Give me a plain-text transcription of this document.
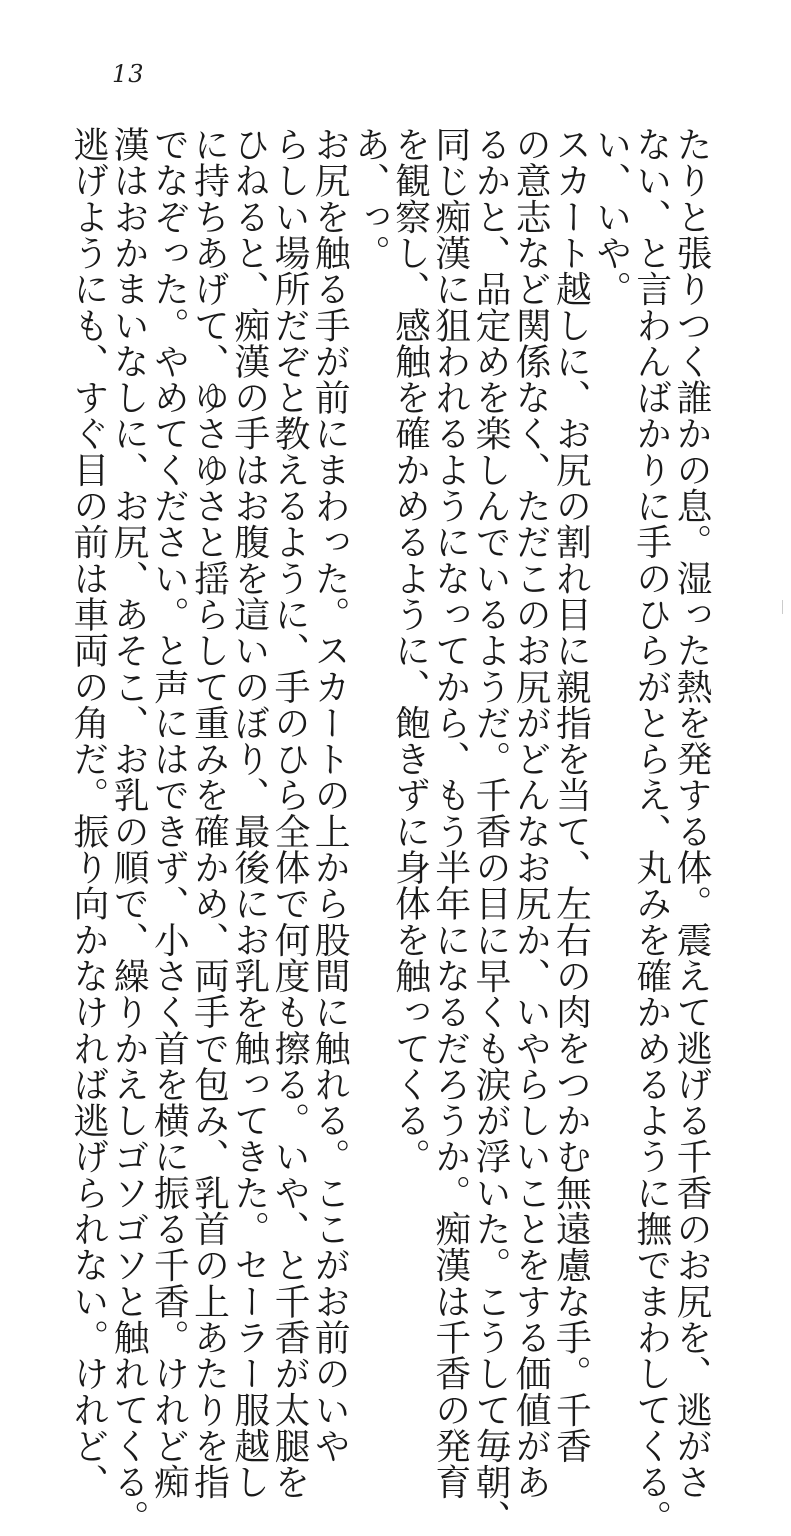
13
たりと張りつく誰かの息。湿った熱を発する体。震えて逃げる千香のお尻を、逃がさ
ない、と言わんばかりに手のひらがとらえ、丸みを確かめるように撫でまわしてくる。
い、いや。
スカート越しに、お尻の割れ目に親指を当て、左右の肉をつかむ無遠慮な手。千香
の意志など関係なく、ただこのお尻がどんなお尻か、いやらしいことをする価値があ
るかと、品定めを楽しんでいるようだ。千香の目に早くも涙が浮いた。こうして毎朝、
同じ痴漢に狙われるようになってから、もう半年になるだろうか。痴漢は千香の発育
を観察し、感触を確かめるように、飽きずに身体を触ってくる。
あ、っ。
お尻を触る手が前にまわった。スカートの上から股間に触れる。ここがお前のいや
らしい場所だぞと教えるように、手のひら全体で何度も擦る。いや、と千香が太腿を
ひねると、痴漢の手はお腹を這いのぼり、最後にお乳を触ってきた。セーラー服越し
に持ちあげて、ゆさゆさと揺らして重みを確かめ、両手で包み、乳首の上あたりを指
でなぞった。やめてください。と声にはできず、小さく首を横に振る千香。けれど痴
漢はおかまいなしに、お尻、あそこ、お乳の順で、繰りかえしゴソゴソと触れてくる。
逃げようにも、すぐ目の前は車両の角だ。振り向かなければ逃げられない。けれど、
